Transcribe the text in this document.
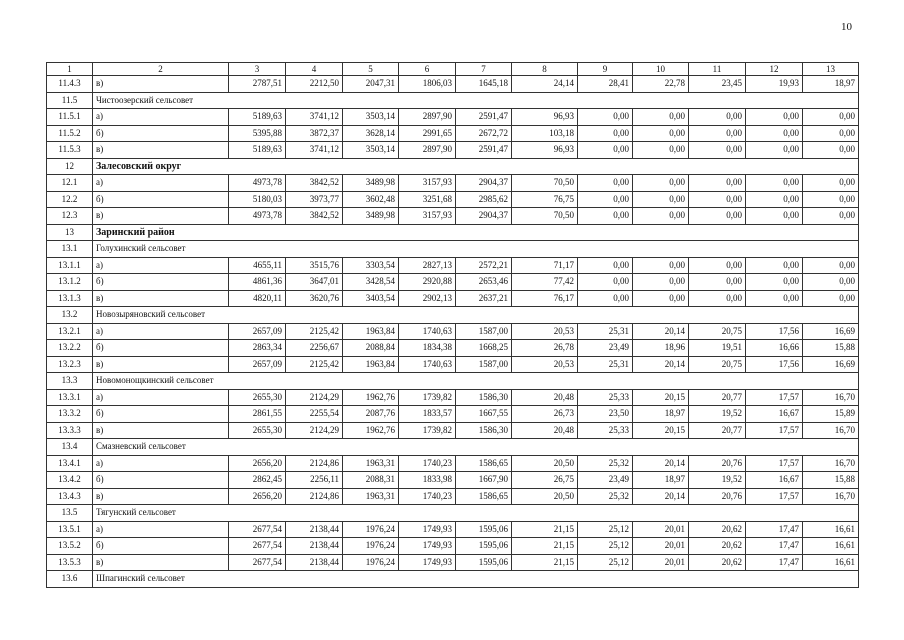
10
1	2	3	4	5	6	7	8	9	10	11	12	13
11.4.3	в)	2787,51	2212,50	2047,31	1806,03	1645,18	24,14	28,41	22,78	23,45	19,93	18,97
11.5	Чистоозерский сельсовет											
11.5.1	а)	5189,63	3741,12	3503,14	2897,90	2591,47	96,93	0,00	0,00	0,00	0,00	0,00
11.5.2	б)	5395,88	3872,37	3628,14	2991,65	2672,72	103,18	0,00	0,00	0,00	0,00	0,00
11.5.3	в)	5189,63	3741,12	3503,14	2897,90	2591,47	96,93	0,00	0,00	0,00	0,00	0,00
12	Залесовский округ											
12.1	а)	4973,78	3842,52	3489,98	3157,93	2904,37	70,50	0,00	0,00	0,00	0,00	0,00
12.2	б)	5180,03	3973,77	3602,48	3251,68	2985,62	76,75	0,00	0,00	0,00	0,00	0,00
12.3	в)	4973,78	3842,52	3489,98	3157,93	2904,37	70,50	0,00	0,00	0,00	0,00	0,00
13	Заринский район											
13.1	Голухинский сельсовет											
13.1.1	а)	4655,11	3515,76	3303,54	2827,13	2572,21	71,17	0,00	0,00	0,00	0,00	0,00
13.1.2	б)	4861,36	3647,01	3428,54	2920,88	2653,46	77,42	0,00	0,00	0,00	0,00	0,00
13.1.3	в)	4820,11	3620,76	3403,54	2902,13	2637,21	76,17	0,00	0,00	0,00	0,00	0,00
13.2	Новозыряновский сельсовет											
13.2.1	а)	2657,09	2125,42	1963,84	1740,63	1587,00	20,53	25,31	20,14	20,75	17,56	16,69
13.2.2	б)	2863,34	2256,67	2088,84	1834,38	1668,25	26,78	23,49	18,96	19,51	16,66	15,88
13.2.3	в)	2657,09	2125,42	1963,84	1740,63	1587,00	20,53	25,31	20,14	20,75	17,56	16,69
13.3	Новомонощкинский сельсовет											
13.3.1	а)	2655,30	2124,29	1962,76	1739,82	1586,30	20,48	25,33	20,15	20,77	17,57	16,70
13.3.2	б)	2861,55	2255,54	2087,76	1833,57	1667,55	26,73	23,50	18,97	19,52	16,67	15,89
13.3.3	в)	2655,30	2124,29	1962,76	1739,82	1586,30	20,48	25,33	20,15	20,77	17,57	16,70
13.4	Смазневский сельсовет											
13.4.1	а)	2656,20	2124,86	1963,31	1740,23	1586,65	20,50	25,32	20,14	20,76	17,57	16,70
13.4.2	б)	2862,45	2256,11	2088,31	1833,98	1667,90	26,75	23,49	18,97	19,52	16,67	15,88
13.4.3	в)	2656,20	2124,86	1963,31	1740,23	1586,65	20,50	25,32	20,14	20,76	17,57	16,70
13.5	Тягунский сельсовет											
13.5.1	а)	2677,54	2138,44	1976,24	1749,93	1595,06	21,15	25,12	20,01	20,62	17,47	16,61
13.5.2	б)	2677,54	2138,44	1976,24	1749,93	1595,06	21,15	25,12	20,01	20,62	17,47	16,61
13.5.3	в)	2677,54	2138,44	1976,24	1749,93	1595,06	21,15	25,12	20,01	20,62	17,47	16,61
13.6	Шпагинский сельсовет											
